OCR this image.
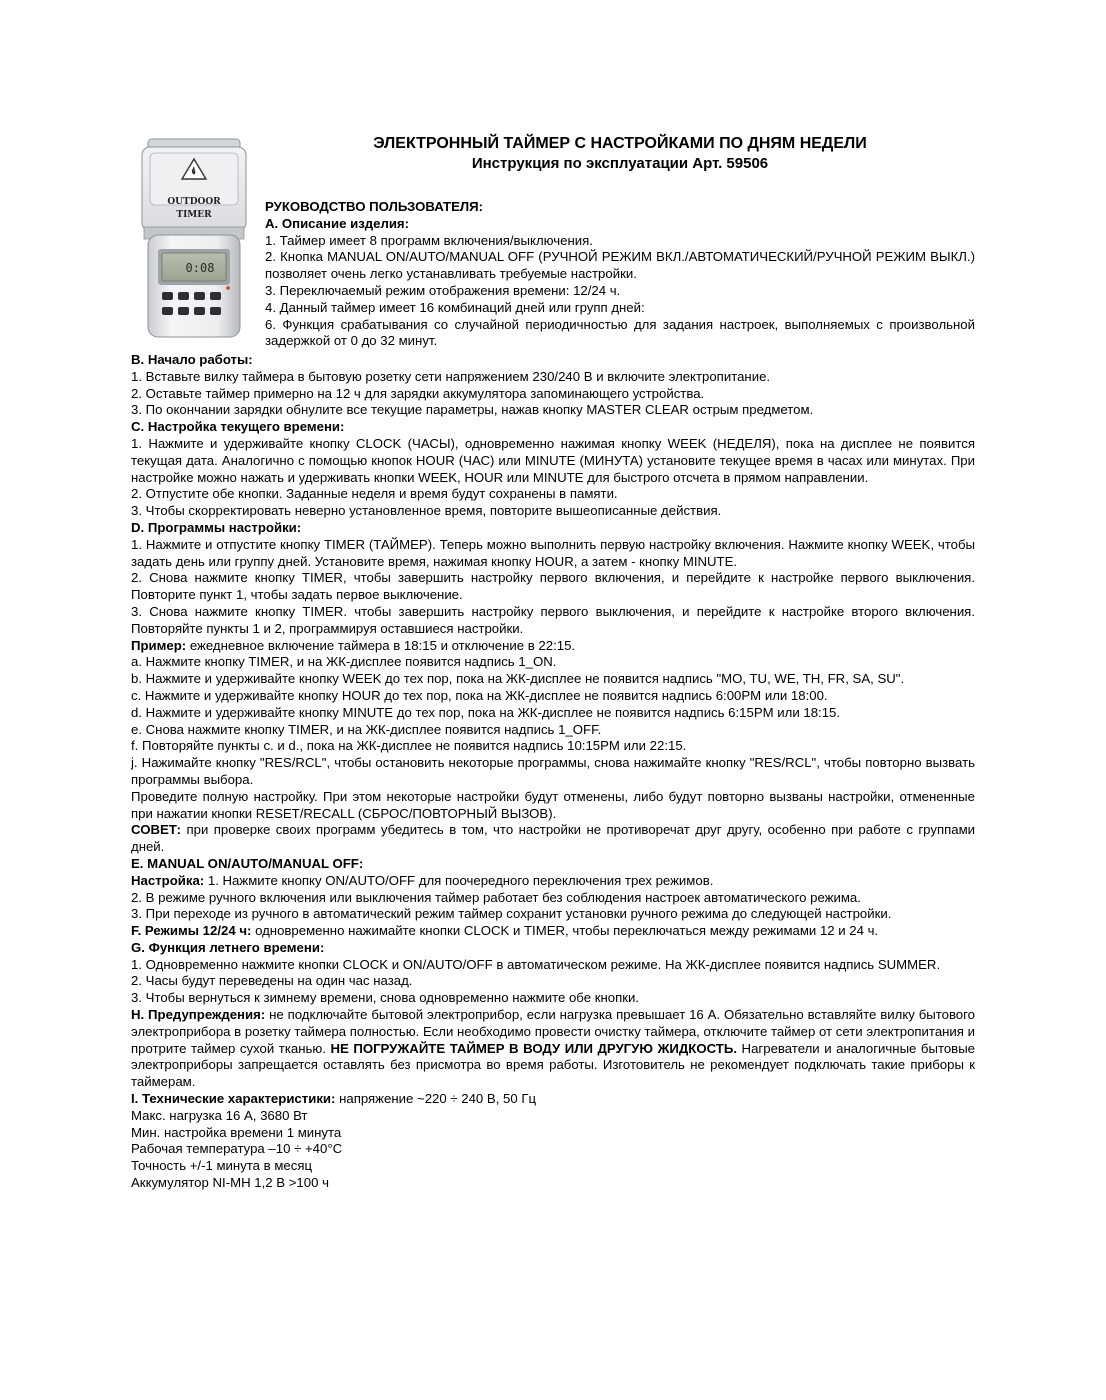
ЭЛЕКТРОННЫЙ ТАЙМЕР С НАСТРОЙКАМИ ПО ДНЯМ НЕДЕЛИ
Инструкция по эксплуатации Арт. 59506
OUTDOOR
TIMER
0:08

РУКОВОДСТВО ПОЛЬЗОВАТЕЛЯ:

A. Описание изделия:

1. Таймер имеет 8 программ включения/выключения.

2. Кнопка MANUAL ON/AUTO/MANUAL OFF (РУЧНОЙ РЕЖИМ ВКЛ./АВТОМАТИЧЕСКИЙ/РУЧНОЙ РЕЖИМ ВЫКЛ.) позволяет очень легко устанавливать требуемые настройки.

3. Переключаемый режим отображения времени: 12/24 ч.

4. Данный таймер имеет 16 комбинаций дней или групп дней:

6. Функция срабатывания со случайной периодичностью для задания настроек, выполняемых с произвольной задержкой от 0 до 32 минут.

B. Начало работы:

1. Вставьте вилку таймера в бытовую розетку сети напряжением 230/240 В и включите электропитание.

2. Оставьте таймер примерно на 12 ч для зарядки аккумулятора запоминающего устройства.

3. По окончании зарядки обнулите все текущие параметры, нажав кнопку MASTER CLEAR острым предметом.

C. Настройка текущего времени:

1. Нажмите и удерживайте кнопку CLOCK (ЧАСЫ), одновременно нажимая кнопку WEEK (НЕДЕЛЯ), пока на дисплее не появится текущая дата. Аналогично с помощью кнопок HOUR (ЧАС) или MINUTE (МИНУТА) установите текущее время в часах или минутах. При настройке можно нажать и удерживать кнопки WEEK, HOUR или MINUTE для быстрого отсчета в прямом направлении.

2. Отпустите обе кнопки. Заданные неделя и время будут сохранены в памяти.

3. Чтобы скорректировать неверно установленное время, повторите вышеописанные действия.

D. Программы настройки:

1. Нажмите и отпустите кнопку TIMER (ТАЙМЕР). Теперь можно выполнить первую настройку включения. Нажмите кнопку WEEK, чтобы задать день или группу дней. Установите время, нажимая кнопку HOUR, а затем - кнопку MINUTE.

2. Снова нажмите кнопку TIMER, чтобы завершить настройку первого включения, и перейдите к настройке первого выключения. Повторите пункт 1, чтобы задать первое выключение.

3. Снова нажмите кнопку TIMER. чтобы завершить настройку первого выключения, и перейдите к настройке второго включения. Повторяйте пункты 1 и 2, программируя оставшиеся настройки.

Пример: ежедневное включение таймера в 18:15 и отключение в 22:15.

a. Нажмите кнопку TIMER, и на ЖК-дисплее появится надпись 1_ON.

b. Нажмите и удерживайте кнопку WEEK до тех пор, пока на ЖК-дисплее не появится надпись "MO, TU, WE, TH, FR, SA, SU".

c. Нажмите и удерживайте кнопку HOUR до тех пор, пока на ЖК-дисплее не появится надпись 6:00PM или 18:00.

d. Нажмите и удерживайте кнопку MINUTE до тех пор, пока на ЖК-дисплее не появится надпись 6:15PM или 18:15.

e. Снова нажмите кнопку TIMER, и на ЖК-дисплее появится надпись 1_OFF.

f. Повторяйте пункты c. и d., пока на ЖК-дисплее не появится надпись 10:15PM или 22:15.

j. Нажимайте кнопку "RES/RCL", чтобы остановить некоторые программы, снова нажимайте кнопку "RES/RCL", чтобы повторно вызвать программы выбора.

Проведите полную настройку. При этом некоторые настройки будут отменены, либо будут повторно вызваны настройки, отмененные при нажатии кнопки RESET/RECALL (СБРОС/ПОВТОРНЫЙ ВЫЗОВ).

СОВЕТ: при проверке своих программ убедитесь в том, что настройки не противоречат друг другу, особенно при работе с группами дней.

E. MANUAL ON/AUTO/MANUAL OFF:

Настройка: 1. Нажмите кнопку ON/AUTO/OFF для поочередного переключения трех режимов.

2. В режиме ручного включения или выключения таймер работает без соблюдения настроек автоматического режима.

3. При переходе из ручного в автоматический режим таймер сохранит установки ручного режима до следующей настройки.

F. Режимы 12/24 ч: одновременно нажимайте кнопки CLOCK и TIMER, чтобы переключаться между режимами 12 и 24 ч.

G. Функция летнего времени:

1. Одновременно нажмите кнопки CLOCK и ON/AUTO/OFF в автоматическом режиме. На ЖК-дисплее появится надпись SUMMER.

2. Часы будут переведены на один час назад.

3. Чтобы вернуться к зимнему времени, снова одновременно нажмите обе кнопки.

H. Предупреждения: не подключайте бытовой электроприбор, если нагрузка превышает 16 А. Обязательно вставляйте вилку бытового электроприбора в розетку таймера полностью. Если необходимо провести очистку таймера, отключите таймер от сети электропитания и протрите таймер сухой тканью. НЕ ПОГРУЖАЙТЕ ТАЙМЕР В ВОДУ ИЛИ ДРУГУЮ ЖИДКОСТЬ. Нагреватели и аналогичные бытовые электроприборы запрещается оставлять без присмотра во время работы. Изготовитель не рекомендует подключать такие приборы к таймерам.

I. Технические характеристики: напряжение ~220 ÷ 240 В, 50 Гц

Макс. нагрузка 16 А, 3680 Вт

Мин. настройка времени 1 минута

Рабочая температура –10 ÷ +40°C

Точность +/-1 минута в месяц

Аккумулятор NI-MH 1,2 В >100 ч
